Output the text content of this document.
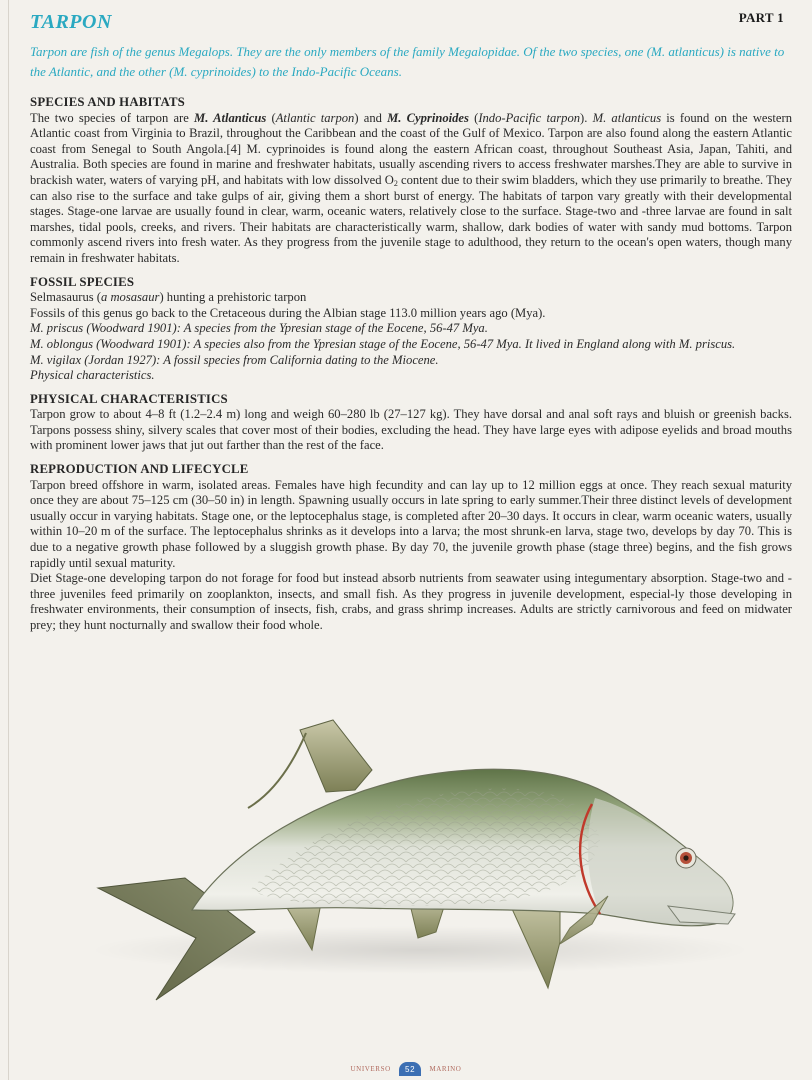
PART 1
TARPON

Tarpon are fish of the genus Megalops. They are the only members of the family Megalopidae. Of the two species, one (M. atlanticus) is native to the Atlantic, and the other (M. cyprinoides) to the Indo-Pacific Oceans.

SPECIES AND HABITATS

The two species of tarpon are M. Atlanticus (Atlantic tarpon) and M. Cyprinoides (Indo-Pacific tarpon). M. atlanticus is found on the western Atlantic coast from Virginia to Brazil, throughout the Caribbean and the coast of the Gulf of Mexico. Tarpon are also found along the eastern Atlantic coast from Senegal to South Angola.[4] M. cyprinoides is found along the eastern African coast, throughout Southeast Asia, Japan, Tahiti, and Australia. Both species are found in marine and freshwater habitats, usually ascending rivers to access freshwater marshes.They are able to survive in brackish water, waters of varying pH, and habitats with low dissolved $O_2$ content due to their swim bladders, which they use primarily to breathe. They can also rise to the surface and take gulps of air, giving them a short burst of energy. The habitats of tarpon vary greatly with their developmental stages. Stage-one larvae are usually found in clear, warm, oceanic waters, relatively close to the surface. Stage-two and -three larvae are found in salt marshes, tidal pools, creeks, and rivers. Their habitats are characteristically warm, shallow, dark bodies of water with sandy mud bottoms. Tarpon commonly ascend rivers into fresh water. As they progress from the juvenile stage to adulthood, they return to the ocean's open waters, though many remain in freshwater habitats.

FOSSIL SPECIES
Selmasaurus (a mosasaur) hunting a prehistoric tarpon
Fossils of this genus go back to the Cretaceous during the Albian stage 113.0 million years ago (Mya).
M. priscus (Woodward 1901): A species from the Ypresian stage of the Eocene, 56-47 Mya.
M. oblongus (Woodward 1901): A species also from the Ypresian stage of the Eocene, 56-47 Mya. It lived in England along with M. priscus.
M. vigilax (Jordan 1927): A fossil species from California dating to the Miocene.
Physical characteristics.
PHYSICAL CHARACTERISTICS

Tarpon grow to about 4–8 ft (1.2–2.4 m) long and weigh 60–280 lb (27–127 kg). They have dorsal and anal soft rays and bluish or greenish backs. Tarpons possess shiny, silvery scales that cover most of their bodies, excluding the head. They have large eyes with adipose eyelids and broad mouths with prominent lower jaws that jut out farther than the rest of the face.

REPRODUCTION AND LIFECYCLE

Tarpon breed offshore in warm, isolated areas. Females have high fecundity and can lay up to 12 million eggs at once. They reach sexual maturity once they are about 75–125 cm (30–50 in) in length. Spawning usually occurs in late spring to early summer.Their three distinct levels of development usually occur in varying habitats. Stage one, or the leptocephalus stage, is completed after 20–30 days. It occurs in clear, warm oceanic waters, usually within 10–20 m of the surface. The leptocephalus shrinks as it develops into a larva; the most shrunk-en larva, stage two, develops by day 70. This is due to a negative growth phase followed by a sluggish growth phase. By day 70, the juvenile growth phase (stage three) begins, and the fish grows rapidly until sexual maturity.

Diet Stage-one developing tarpon do not forage for food but instead absorb nutrients from seawater using integumentary absorption. Stage-two and -three juveniles feed primarily on zooplankton, insects, and small fish. As they progress in juvenile development, especial-ly those developing in freshwater environments, their consumption of insects, fish, crabs, and grass shrimp increases. Adults are strictly carnivorous and feed on midwater prey; they hunt nocturnally and swallow their food whole.

UNIVERSO 52 MARINO
